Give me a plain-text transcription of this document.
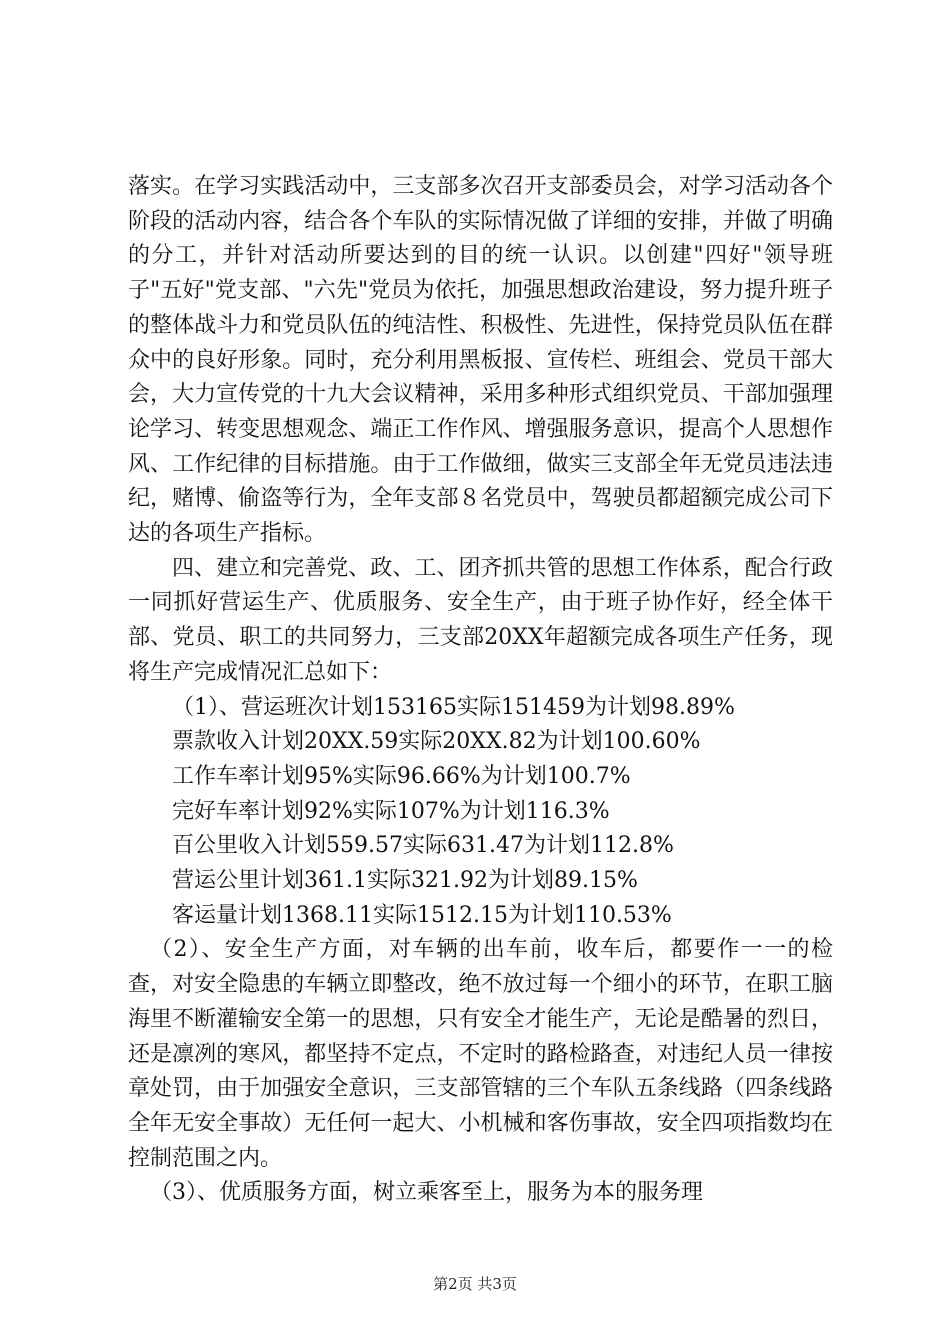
落实。在学习实践活动中，三支部多次召开支部委员会，对学习活动各个阶段的活动内容，结合各个车队的实际情况做了详细的安排，并做了明确的分工，并针对活动所要达到的目的统一认识。以创建"四好"领导班子"五好"党支部、"六先"党员为依托，加强思想政治建设，努力提升班子的整体战斗力和党员队伍的纯洁性、积极性、先进性，保持党员队伍在群众中的良好形象。同时，充分利用黑板报、宣传栏、班组会、党员干部大会，大力宣传党的十九大会议精神，采用多种形式组织党员、干部加强理论学习、转变思想观念、端正工作作风、增强服务意识，提高个人思想作风、工作纪律的目标措施。由于工作做细，做实三支部全年无党员违法违纪，赌博、偷盗等行为，全年支部８名党员中，驾驶员都超额完成公司下达的各项生产指标。

四、建立和完善党、政、工、团齐抓共管的思想工作体系，配合行政一同抓好营运生产、优质服务、安全生产，由于班子协作好，经全体干部、党员、职工的共同努力，三支部20XX年超额完成各项生产任务，现将生产完成情况汇总如下：

（1）、营运班次计划153165实际151459为计划98.89%

票款收入计划20XX.59实际20XX.82为计划100.60%

工作车率计划95%实际96.66%为计划100.7%

完好车率计划92%实际107%为计划116.3%

百公里收入计划559.57实际631.47为计划112.8%

营运公里计划361.1实际321.92为计划89.15%

客运量计划1368.11实际1512.15为计划110.53%

（2）、安全生产方面，对车辆的出车前，收车后，都要作一一的检查，对安全隐患的车辆立即整改，绝不放过每一个细小的环节，在职工脑海里不断灌输安全第一的思想，只有安全才能生产，无论是酷暑的烈日，还是凛冽的寒风，都坚持不定点，不定时的路检路查，对违纪人员一律按章处罚，由于加强安全意识，三支部管辖的三个车队五条线路（四条线路全年无安全事故）无任何一起大、小机械和客伤事故，安全四项指数均在控制范围之内。

（3）、优质服务方面，树立乘客至上，服务为本的服务理

第2页 共3页
